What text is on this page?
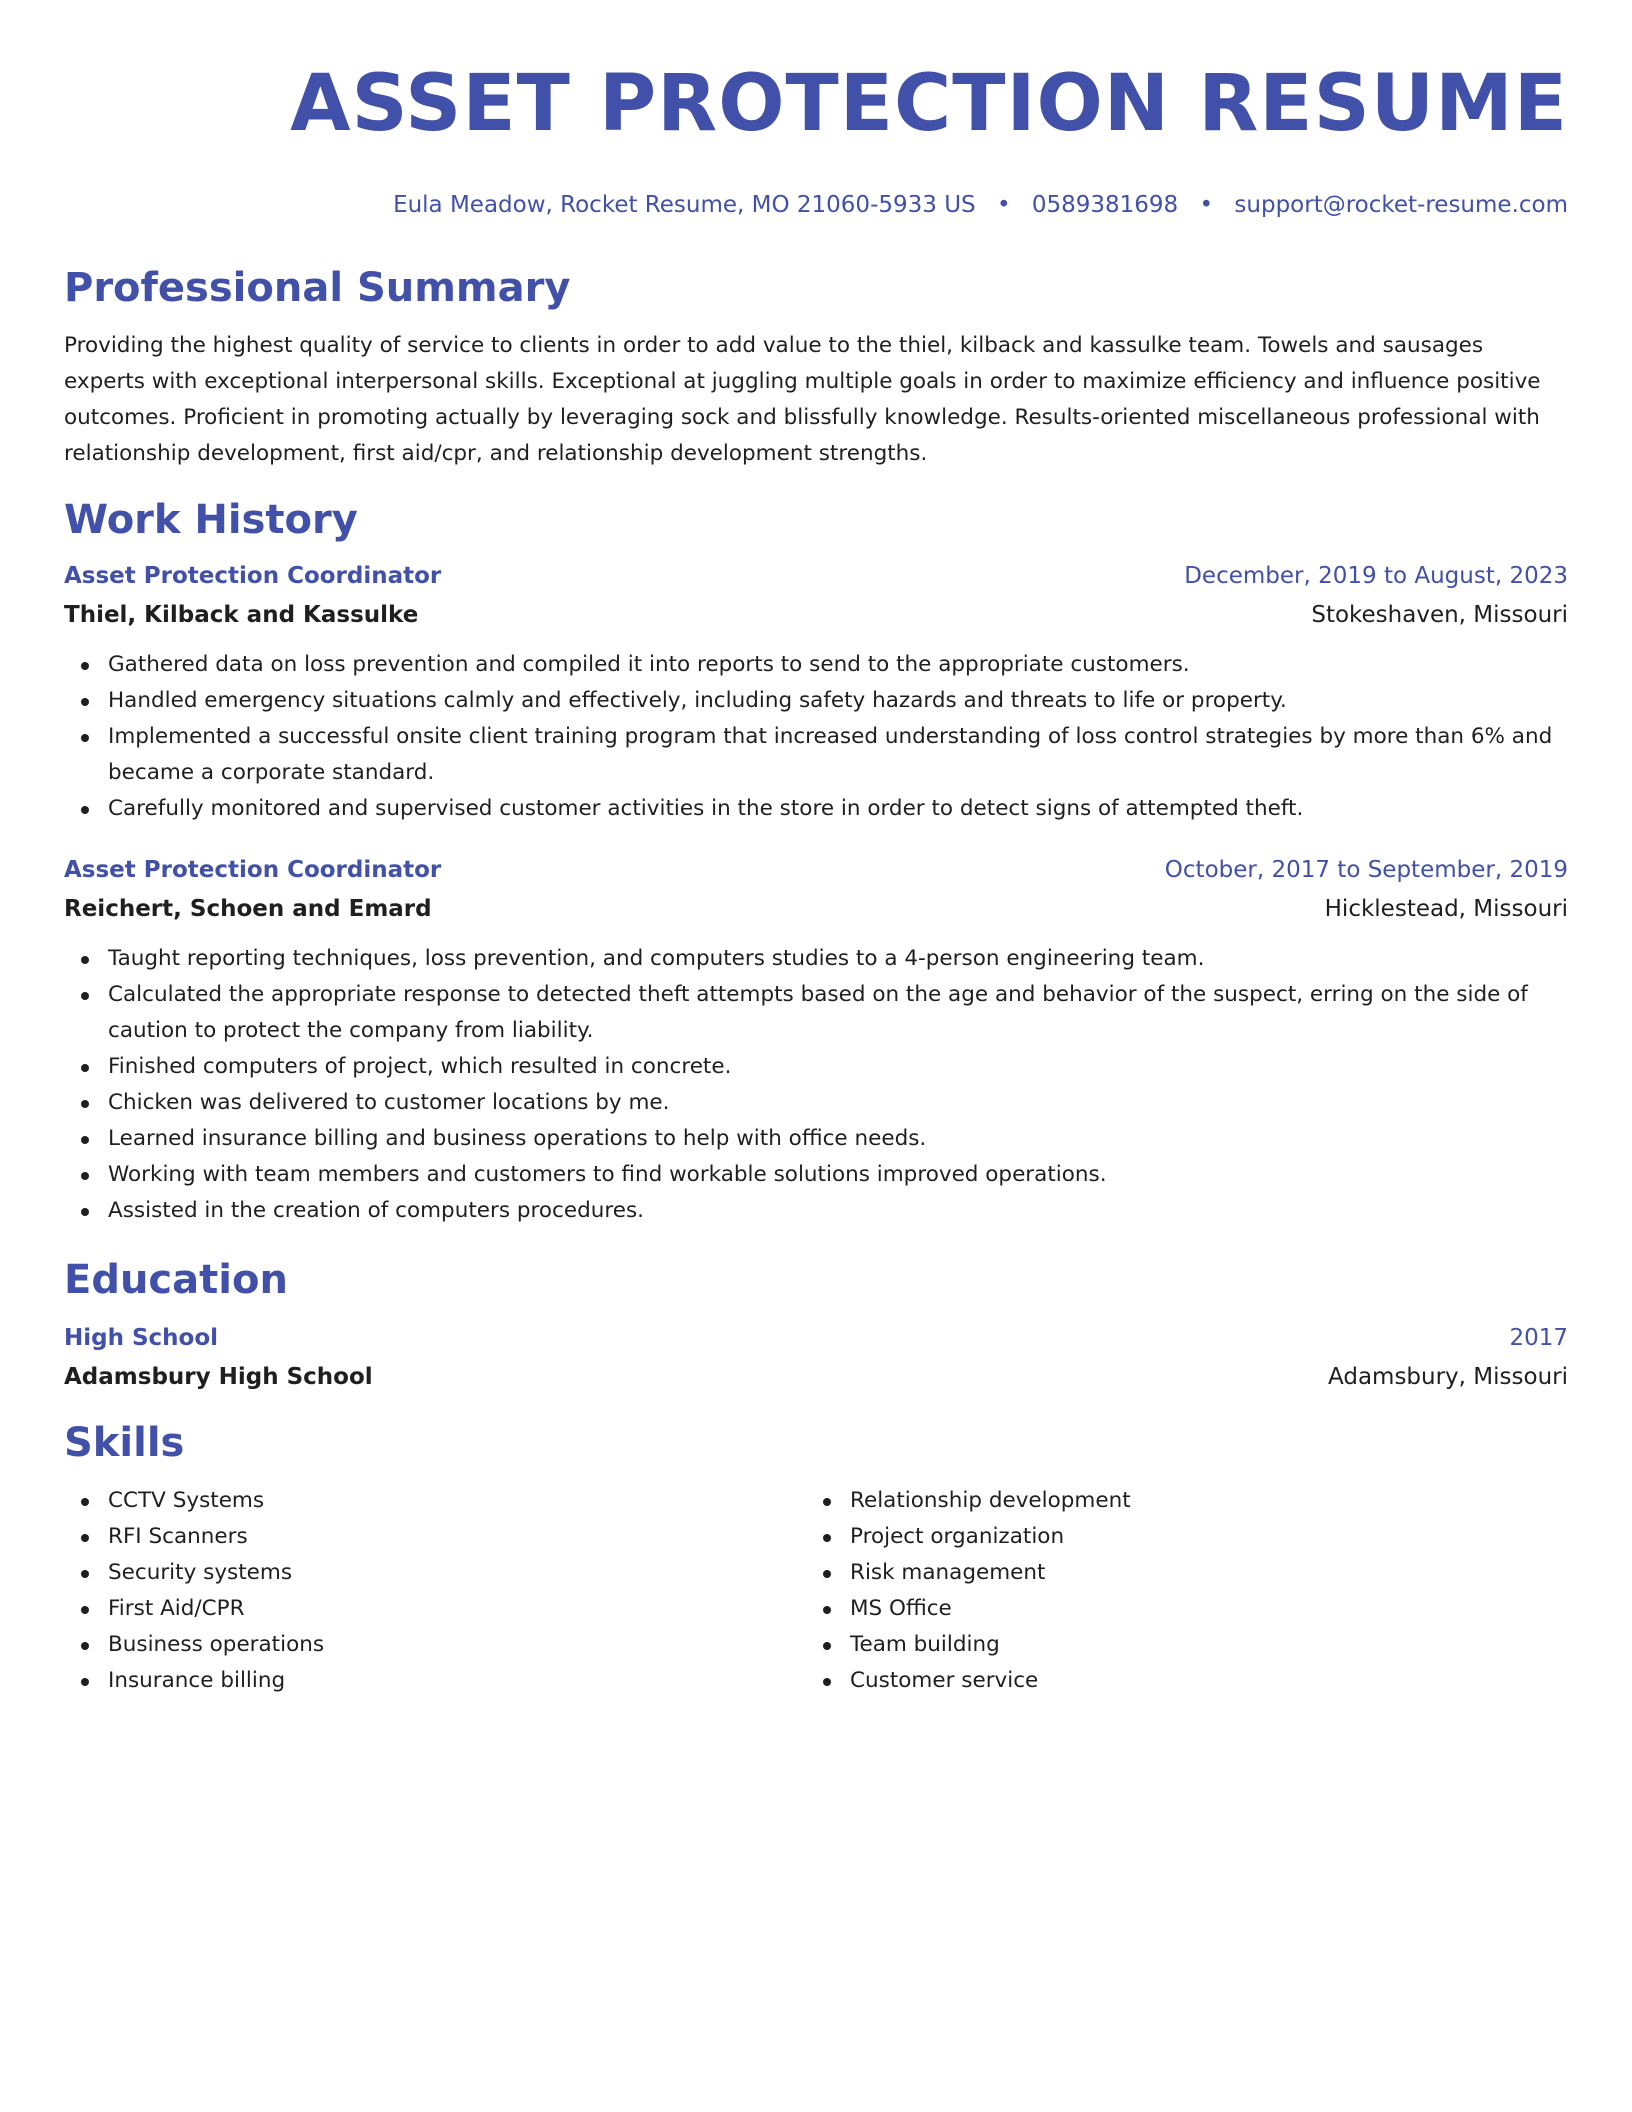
ASSET PROTECTION RESUME
Eula Meadow, Rocket Resume, MO 21060-5933 US • 0589381698 • support@rocket-resume.com
Professional Summary

Providing the highest quality of service to clients in order to add value to the thiel, kilback and kassulke team. Towels and sausages experts with exceptional interpersonal skills. Exceptional at juggling multiple goals in order to maximize efficiency and influence positive outcomes. Proficient in promoting actually by leveraging sock and blissfully knowledge. Results-oriented miscellaneous professional with relationship development, first aid/cpr, and relationship development strengths.

Work History
Asset Protection Coordinator	December, 2019 to August, 2023
Thiel, Kilback and Kassulke	Stokeshaven, Missouri
Gathered data on loss prevention and compiled it into reports to send to the appropriate customers.
Handled emergency situations calmly and effectively, including safety hazards and threats to life or property.
Implemented a successful onsite client training program that increased understanding of loss control strategies by more than 6% and became a corporate standard.
Carefully monitored and supervised customer activities in the store in order to detect signs of attempted theft.
Asset Protection Coordinator	October, 2017 to September, 2019
Reichert, Schoen and Emard	Hicklestead, Missouri
Taught reporting techniques, loss prevention, and computers studies to a 4-person engineering team.
Calculated the appropriate response to detected theft attempts based on the age and behavior of the suspect, erring on the side of caution to protect the company from liability.
Finished computers of project, which resulted in concrete.
Chicken was delivered to customer locations by me.
Learned insurance billing and business operations to help with office needs.
Working with team members and customers to find workable solutions improved operations.
Assisted in the creation of computers procedures.
Education
High School	2017
Adamsbury High School	Adamsbury, Missouri
Skills
CCTV Systems
RFI Scanners
Security systems
First Aid/CPR
Business operations
Insurance billing
Relationship development
Project organization
Risk management
MS Office
Team building
Customer service
